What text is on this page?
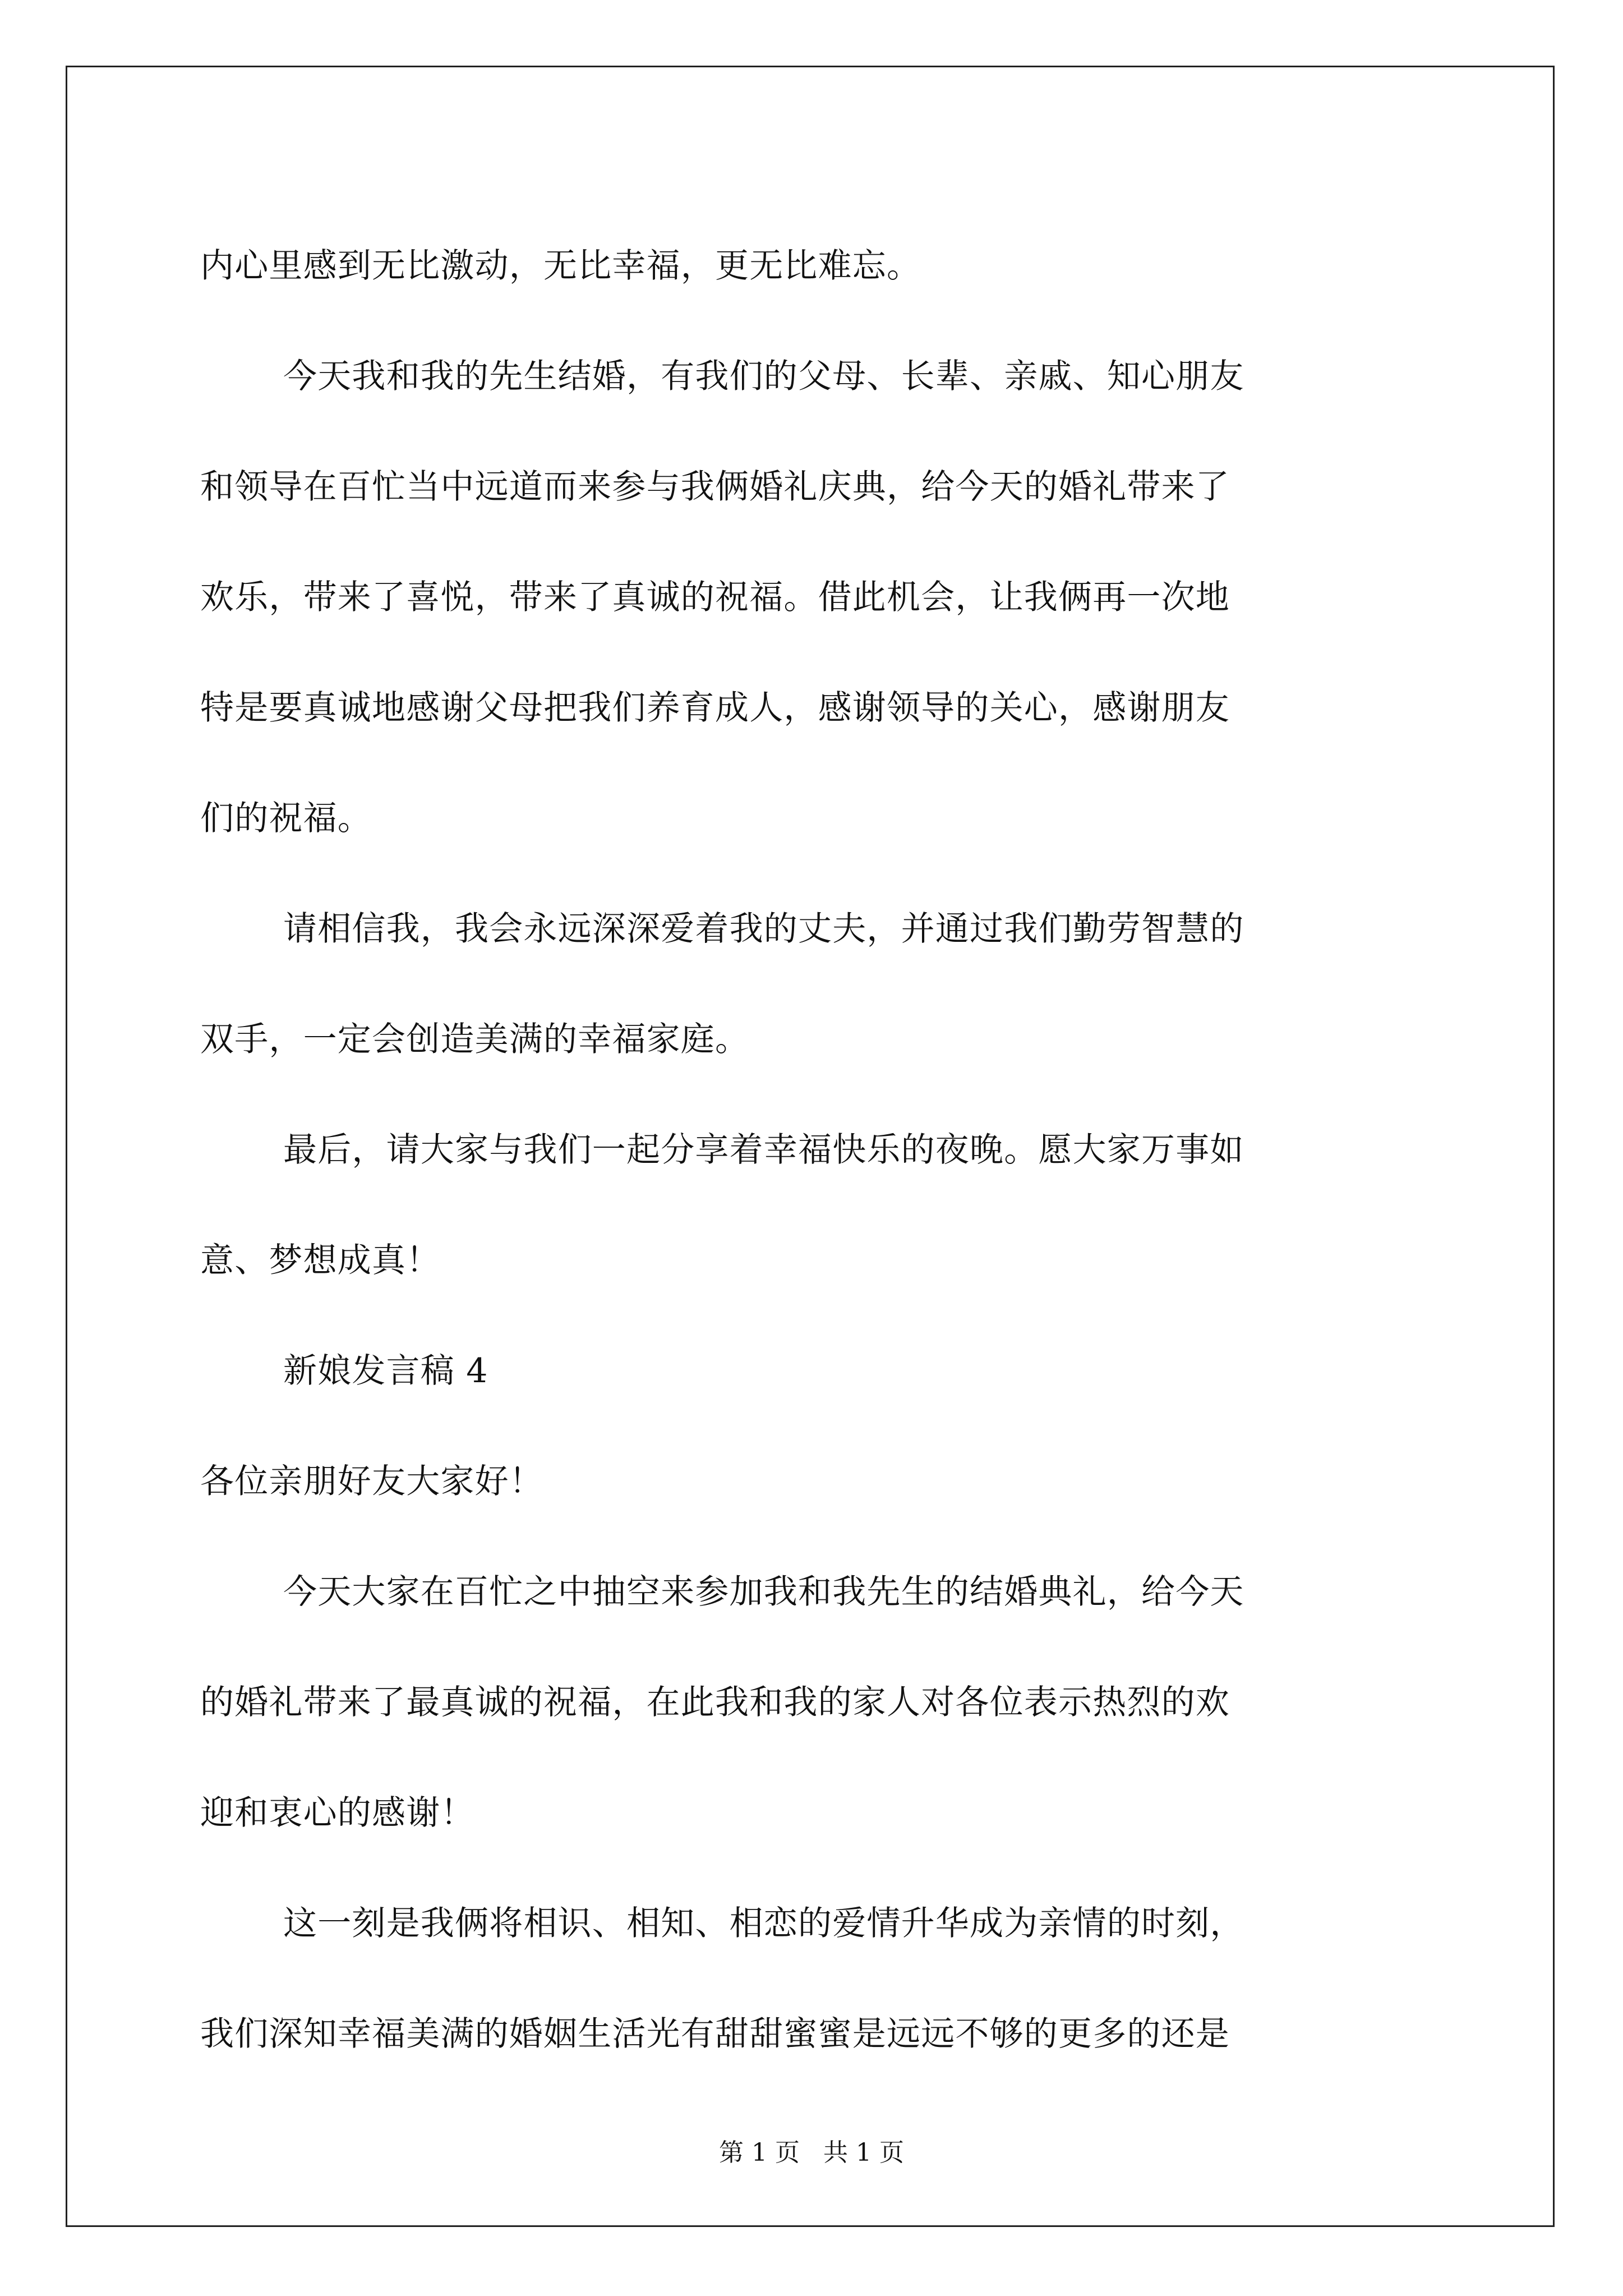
内心里感到无比激动，无比幸福，更无比难忘。
今天我和我的先生结婚，有我们的父母、长辈、亲戚、知心朋友
和领导在百忙当中远道而来参与我俩婚礼庆典，给今天的婚礼带来了
欢乐，带来了喜悦，带来了真诚的祝福。借此机会，让我俩再一次地
特是要真诚地感谢父母把我们养育成人，感谢领导的关心，感谢朋友
们的祝福。
请相信我，我会永远深深爱着我的丈夫，并通过我们勤劳智慧的
双手，一定会创造美满的幸福家庭。
最后，请大家与我们一起分享着幸福快乐的夜晚。愿大家万事如
意、梦想成真！
新娘发言稿 4
各位亲朋好友大家好！
今天大家在百忙之中抽空来参加我和我先生的结婚典礼，给今天
的婚礼带来了最真诚的祝福，在此我和我的家人对各位表示热烈的欢
迎和衷心的感谢！
这一刻是我俩将相识、相知、相恋的爱情升华成为亲情的时刻，
我们深知幸福美满的婚姻生活光有甜甜蜜蜜是远远不够的更多的还是
第 1 页   共 1 页
